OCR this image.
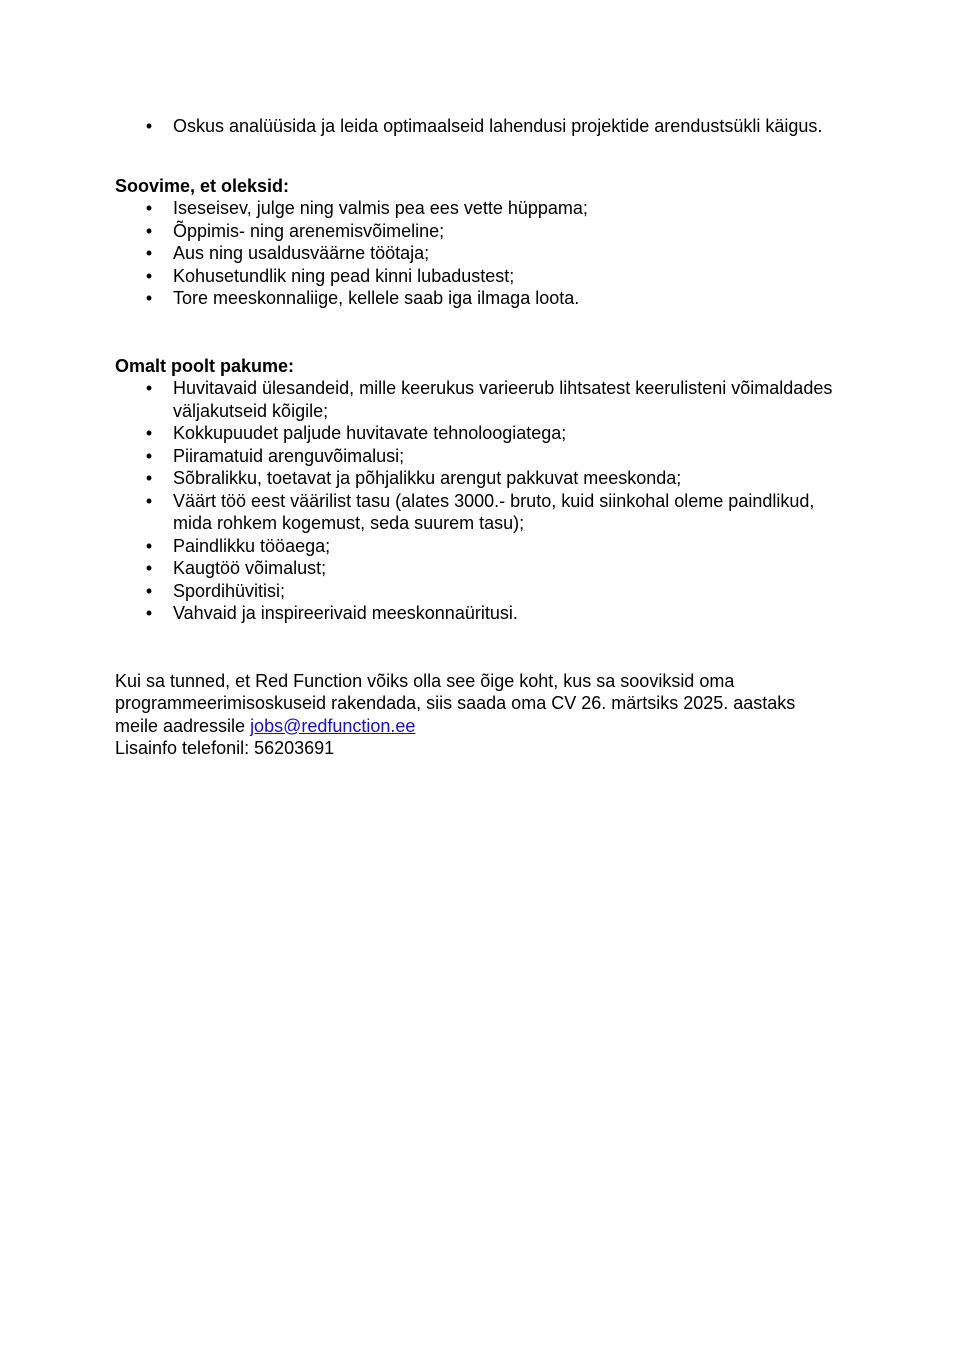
• Oskus analüüsida ja leida optimaalseid lahendusi projektide arendustsükli käigus.

Soovime, et oleksid:

• Iseseisev, julge ning valmis pea ees vette hüppama;
• Õppimis- ning arenemisvõimeline;
• Aus ning usaldusväärne töötaja;
• Kohusetundlik ning pead kinni lubadustest;
• Tore meeskonnaliige, kellele saab iga ilmaga loota.

Omalt poolt pakume:

• Huvitavaid ülesandeid, mille keerukus varieerub lihtsatest keerulisteni võimaldades väljakutseid kõigile;
• Kokkupuudet paljude huvitavate tehnoloogiatega;
• Piiramatuid arenguvõimalusi;
• Sõbralikku, toetavat ja põhjalikku arengut pakkuvat meeskonda;
• Väärt töö eest väärilist tasu (alates 3000.- bruto, kuid siinkohal oleme paindlikud, mida rohkem kogemust, seda suurem tasu);
• Paindlikku tööaega;
• Kaugtöö võimalust;
• Spordihüvitisi;
• Vahvaid ja inspireerivaid meeskonnaüritusi.

Kui sa tunned, et Red Function võiks olla see õige koht, kus sa sooviksid oma programmeerimisoskuseid rakendada, siis saada oma CV 26. märtsiks 2025. aastaks meile aadressile jobs@redfunction.ee

Lisainfo telefonil: 56203691
